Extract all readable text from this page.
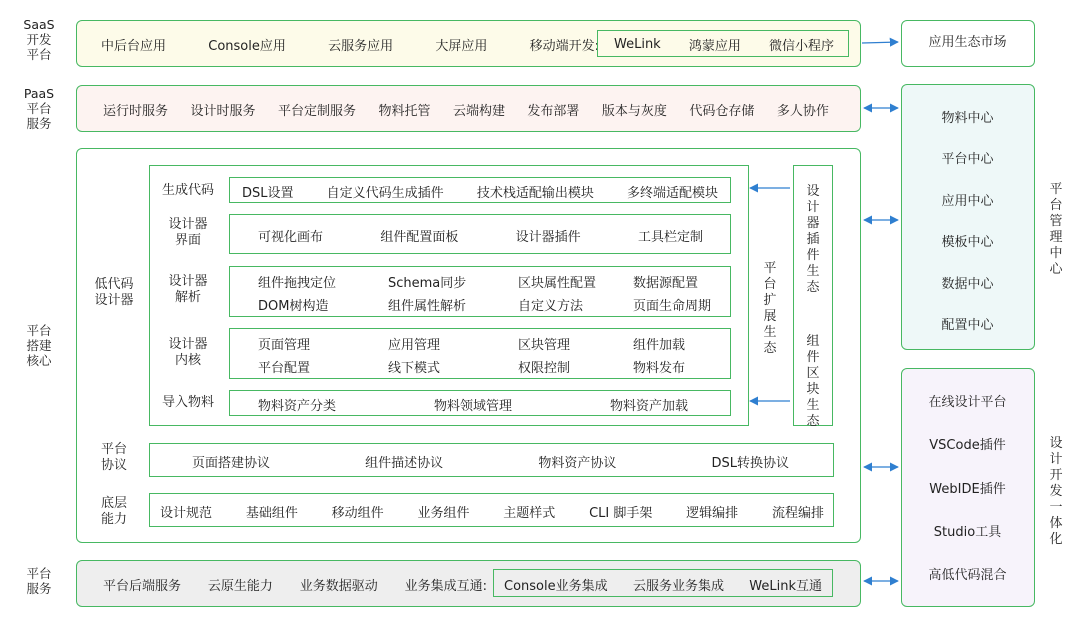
SaaS
开发
平台
PaaS
平台
服务
平台
搭建
核心
平台
服务
中后台应用	Console应用	云服务应用	大屏应用	移动端开发: WeLink 鸿蒙应用 微信小程序	应用生态市场
运行时服务 设计时服务 平台定制服务 物料托管 云端构建 发布部署 版本与灰度 代码仓存储 多人协作
低代码
设计器
生成代码	DSL设置	自定义代码生成插件	技术栈适配输出模块	多终端适配模块
设计器
界面	可视化画布	组件配置面板	设计器插件	工具栏定制
设计器
解析
组件拖拽定位	Schema同步	区块属性配置	数据源配置
DOM树构造	组件属性解析	自定义方法	页面生命周期
设计器
内核
页面管理	应用管理	区块管理	组件加载
平台配置	线下模式	权限控制	物料发布
导入物料	物料资产分类	物料领域管理	物料资产加载
平台扩展生态
设计器插件生态
组件区块生态
平台
协议	页面搭建协议	组件描述协议	物料资产协议	DSL转换协议
底层
能力	设计规范	基础组件	移动组件	业务组件	主题样式	CLI 脚手架	逻辑编排	流程编排
平台后端服务 云原生能力 业务数据驱动 业务集成互通: Console业务集成 云服务业务集成 WeLink互通
物料中心
平台中心
应用中心
模板中心
数据中心
配置中心
平台管理中心
在线设计平台
VSCode插件
WebIDE插件
Studio工具
高低代码混合
设计开发一体化
